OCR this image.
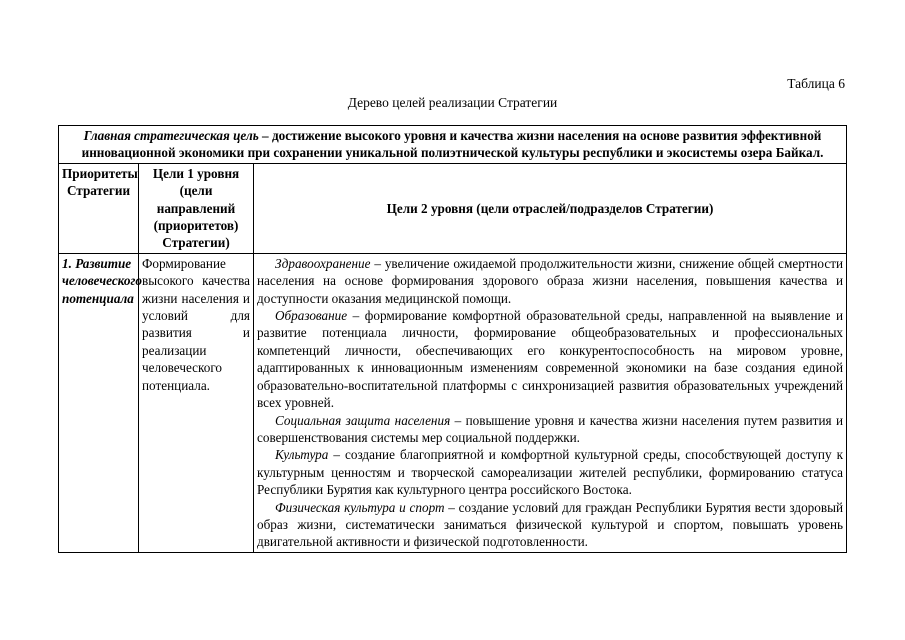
Таблица 6
Дерево целей реализации Стратегии
Главная стратегическая цель – достижение высокого уровня и качества жизни населения на основе развития эффективной инновационной экономики при сохранении уникальной полиэтнической культуры республики и экосистемы озера Байкал.		
Приоритеты Стратегии	Цели 1 уровня (цели направлений (приоритетов) Стратегии)	Цели 2 уровня (цели отраслей/подразделов Стратегии)
1. Развитие человеческого потенциала	Формирование высокого качества жизни населения и условий для развития и реализации человеческого потенциала.	Здравоохранение – увеличение ожидаемой продолжительности жизни, снижение общей смертности населения на основе формирования здорового образа жизни населения, повышения качества и доступности оказания медицинской помощи.

Образование – формирование комфортной образовательной среды, направленной на выявление и развитие потенциала личности, формирование общеобразовательных и профессиональных компетенций личности, обеспечивающих его конкурентоспособность на мировом уровне, адаптированных к инновационным изменениям современной экономики на базе создания единой образовательно-воспитательной платформы с синхронизацией развития образовательных учреждений всех уровней.

Социальная защита населения – повышение уровня и качества жизни населения путем развития и совершенствования системы мер социальной поддержки.

Культура – создание благоприятной и комфортной культурной среды, способствующей доступу к культурным ценностям и творческой самореализации жителей республики, формированию статуса Республики Бурятия как культурного центра российского Востока.

Физическая культура и спорт – создание условий для граждан Республики Бурятия вести здоровый образ жизни, систематически заниматься физической культурой и спортом, повышать уровень двигательной активности и физической подготовленности.
